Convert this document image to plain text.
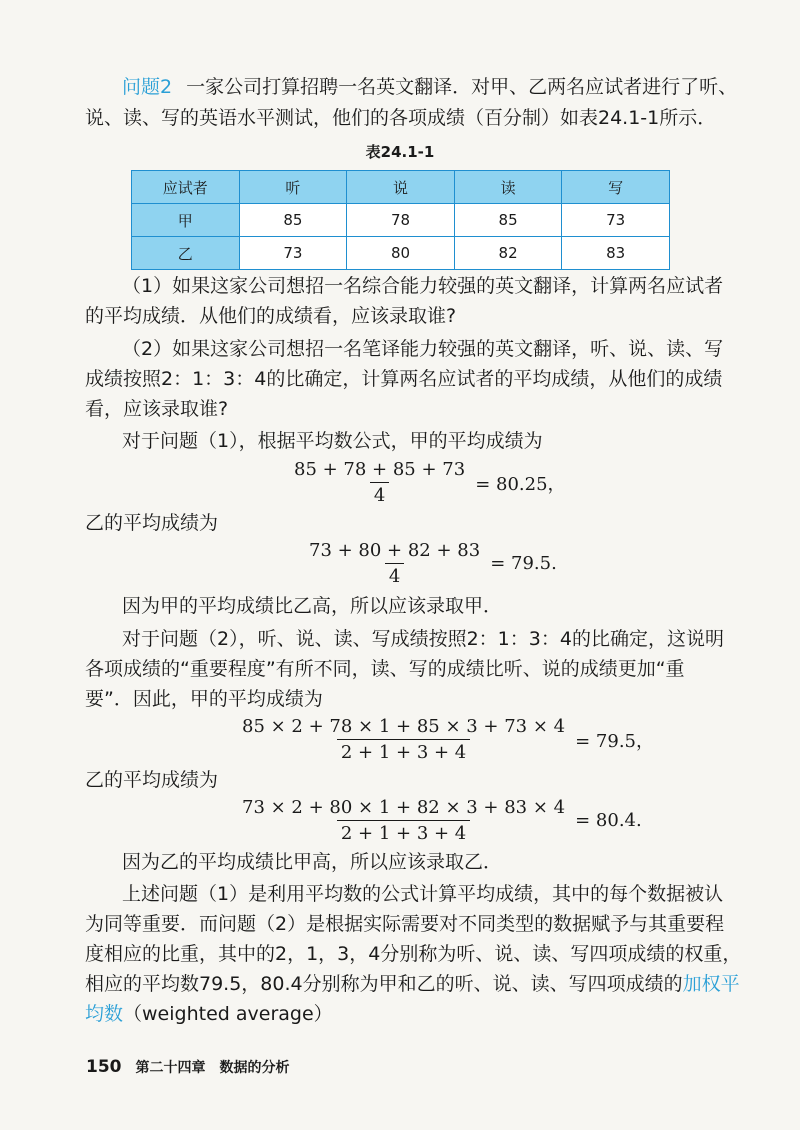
问题2 一家公司打算招聘一名英文翻译．对甲、乙两名应试者进行了听、
说、读、写的英语水平测试，他们的各项成绩（百分制）如表24.1-1所示．
表24.1-1
应试者	听	说	读	写
甲	85	78	85	73
乙	73	80	82	83
（1）如果这家公司想招一名综合能力较强的英文翻译，计算两名应试者
的平均成绩．从他们的成绩看，应该录取谁?
（2）如果这家公司想招一名笔译能力较强的英文翻译，听、说、读、写
成绩按照2：1：3：4的比确定，计算两名应试者的平均成绩，从他们的成绩
看，应该录取谁?
对于问题（1），根据平均数公式，甲的平均成绩为
$\frac{85 + 78 + 85 + 73}{4} = 80.25$，
乙的平均成绩为
$\frac{73 + 80 + 82 + 83}{4} = 79.5$.
因为甲的平均成绩比乙高，所以应该录取甲．
对于问题（2），听、说、读、写成绩按照2：1：3：4的比确定，这说明
各项成绩的“重要程度”有所不同，读、写的成绩比听、说的成绩更加“重
要”．因此，甲的平均成绩为
$\frac{85 \times 2 + 78 \times 1 + 85 \times 3 + 73 \times 4}{2 + 1 + 3 + 4} = 79.5$，
乙的平均成绩为
$\frac{73 \times 2 + 80 \times 1 + 82 \times 3 + 83 \times 4}{2 + 1 + 3 + 4} = 80.4$.
因为乙的平均成绩比甲高，所以应该录取乙．
上述问题（1）是利用平均数的公式计算平均成绩，其中的每个数据被认
为同等重要．而问题（2）是根据实际需要对不同类型的数据赋予与其重要程
度相应的比重，其中的2，1，3，4分别称为听、说、读、写四项成绩的权重，
相应的平均数79.5，80.4分别称为甲和乙的听、说、读、写四项成绩的加权平
均数（weighted average）
150 第二十四章　数据的分析
